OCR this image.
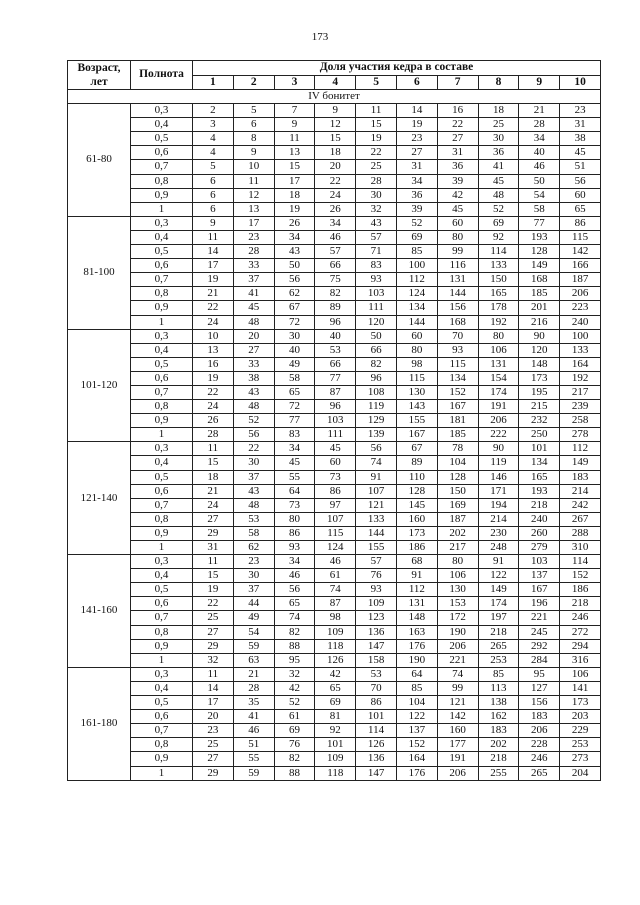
173
Возраст, лет	Полнота	Доля участия кедра в составе									
		1	2	3	4	5	6	7	8	9	10
IV бонитет											
61-80	0,3	2	5	7	9	11	14	16	18	21	23
	0,4	3	6	9	12	15	19	22	25	28	31
	0,5	4	8	11	15	19	23	27	30	34	38
	0,6	4	9	13	18	22	27	31	36	40	45
	0,7	5	10	15	20	25	31	36	41	46	51
	0,8	6	11	17	22	28	34	39	45	50	56
	0,9	6	12	18	24	30	36	42	48	54	60
	1	6	13	19	26	32	39	45	52	58	65
81-100	0,3	9	17	26	34	43	52	60	69	77	86
	0,4	11	23	34	46	57	69	80	92	193	115
	0,5	14	28	43	57	71	85	99	114	128	142
	0,6	17	33	50	66	83	100	116	133	149	166
	0,7	19	37	56	75	93	112	131	150	168	187
	0,8	21	41	62	82	103	124	144	165	185	206
	0,9	22	45	67	89	111	134	156	178	201	223
	1	24	48	72	96	120	144	168	192	216	240
101-120	0,3	10	20	30	40	50	60	70	80	90	100
	0,4	13	27	40	53	66	80	93	106	120	133
	0,5	16	33	49	66	82	98	115	131	148	164
	0,6	19	38	58	77	96	115	134	154	173	192
	0,7	22	43	65	87	108	130	152	174	195	217
	0,8	24	48	72	96	119	143	167	191	215	239
	0,9	26	52	77	103	129	155	181	206	232	258
	1	28	56	83	111	139	167	185	222	250	278
121-140	0,3	11	22	34	45	56	67	78	90	101	112
	0,4	15	30	45	60	74	89	104	119	134	149
	0,5	18	37	55	73	91	110	128	146	165	183
	0,6	21	43	64	86	107	128	150	171	193	214
	0,7	24	48	73	97	121	145	169	194	218	242
	0,8	27	53	80	107	133	160	187	214	240	267
	0,9	29	58	86	115	144	173	202	230	260	288
	1	31	62	93	124	155	186	217	248	279	310
141-160	0,3	11	23	34	46	57	68	80	91	103	114
	0,4	15	30	46	61	76	91	106	122	137	152
	0,5	19	37	56	74	93	112	130	149	167	186
	0,6	22	44	65	87	109	131	153	174	196	218
	0,7	25	49	74	98	123	148	172	197	221	246
	0,8	27	54	82	109	136	163	190	218	245	272
	0,9	29	59	88	118	147	176	206	265	292	294
	1	32	63	95	126	158	190	221	253	284	316
161-180	0,3	11	21	32	42	53	64	74	85	95	106
	0,4	14	28	42	65	70	85	99	113	127	141
	0,5	17	35	52	69	86	104	121	138	156	173
	0,6	20	41	61	81	101	122	142	162	183	203
	0,7	23	46	69	92	114	137	160	183	206	229
	0,8	25	51	76	101	126	152	177	202	228	253
	0,9	27	55	82	109	136	164	191	218	246	273
	1	29	59	88	118	147	176	206	255	265	204
